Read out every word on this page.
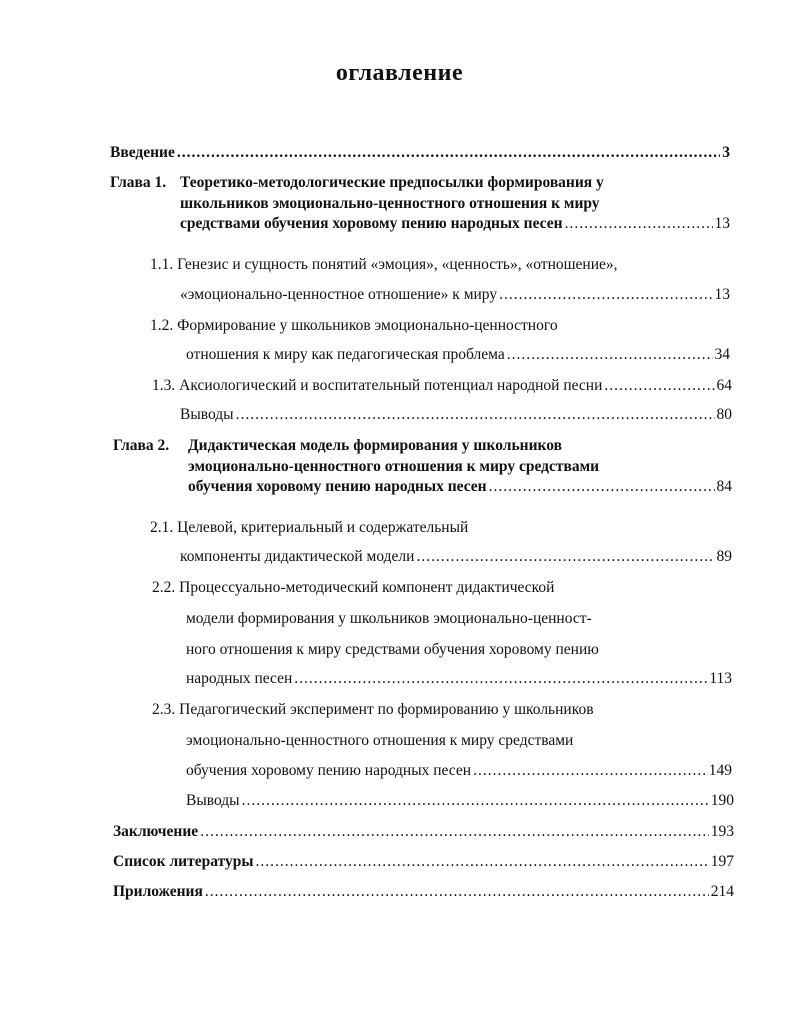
оглавление
Введение .....	3
Глава 1. Теоретико-методологические предпосылки формирования у
школьников эмоционально-ценностного отношения к миру
средствами обучения хоровому пению народных песен .....	13
1.1. Генезис и сущность понятий «эмоция», «ценность», «отношение»,
«эмоционально-ценностное отношение» к миру .....	13
1.2. Формирование у школьников эмоционально-ценностного
отношения к миру как педагогическая проблема .....	34
1.3. Аксиологический и воспитательный потенциал народной песни .....	64
Выводы .....	80
Глава 2. Дидактическая модель формирования у школьников
эмоционально-ценностного отношения к миру средствами
обучения хоровому пению народных песен .....	84
2.1. Целевой, критериальный и содержательный
компоненты дидактической модели .....	89
2.2. Процессуально-методический компонент дидактической
модели формирования у школьников эмоционально-ценност-
ного отношения к миру средствами обучения хоровому пению
народных песен .....	113
2.3. Педагогический эксперимент по формированию у школьников
эмоционально-ценностного отношения к миру средствами
обучения хоровому пению народных песен .....	149
Выводы .....	190
Заключение .....	193
Список литературы .....	197
Приложения .....	214
